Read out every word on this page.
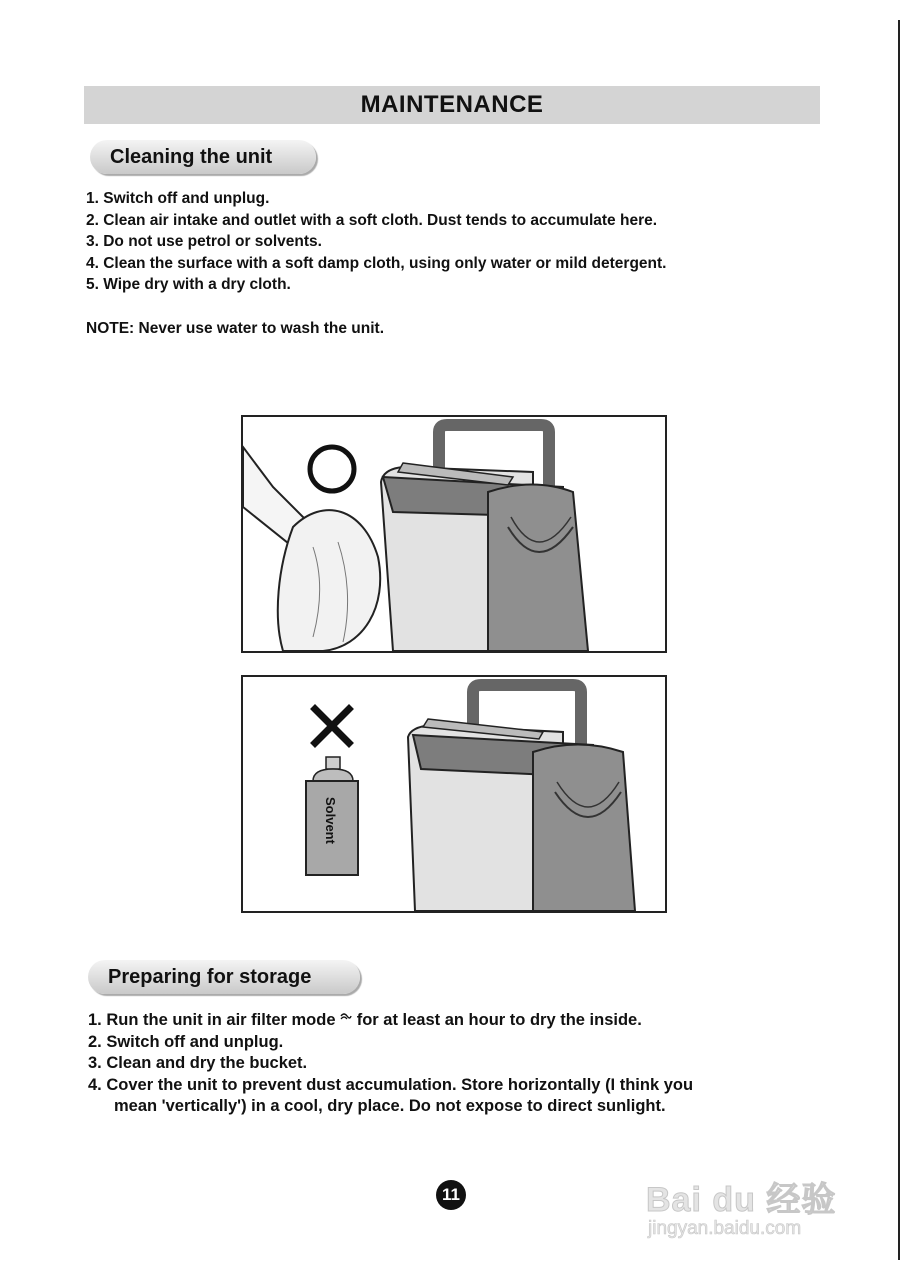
MAINTENANCE
Cleaning the unit
1. Switch off and unplug.
2. Clean air intake and outlet with a soft cloth. Dust tends to accumulate here.
3. Do not use petrol or solvents.
4. Clean the surface with a soft damp cloth, using only water or mild detergent.
5. Wipe dry with a dry cloth.
NOTE: Never use water to wash the unit.
Solvent
Preparing for storage
1. Run the unit in air filter mode  for at least an hour to dry the inside.
2. Switch off and unplug.
3. Clean and dry the bucket.
4. Cover the unit to prevent dust accumulation. Store horizontally (I think you
mean 'vertically') in a cool, dry place. Do not expose to direct sunlight.
11	Bai du 经验
jingyan.baidu.com
